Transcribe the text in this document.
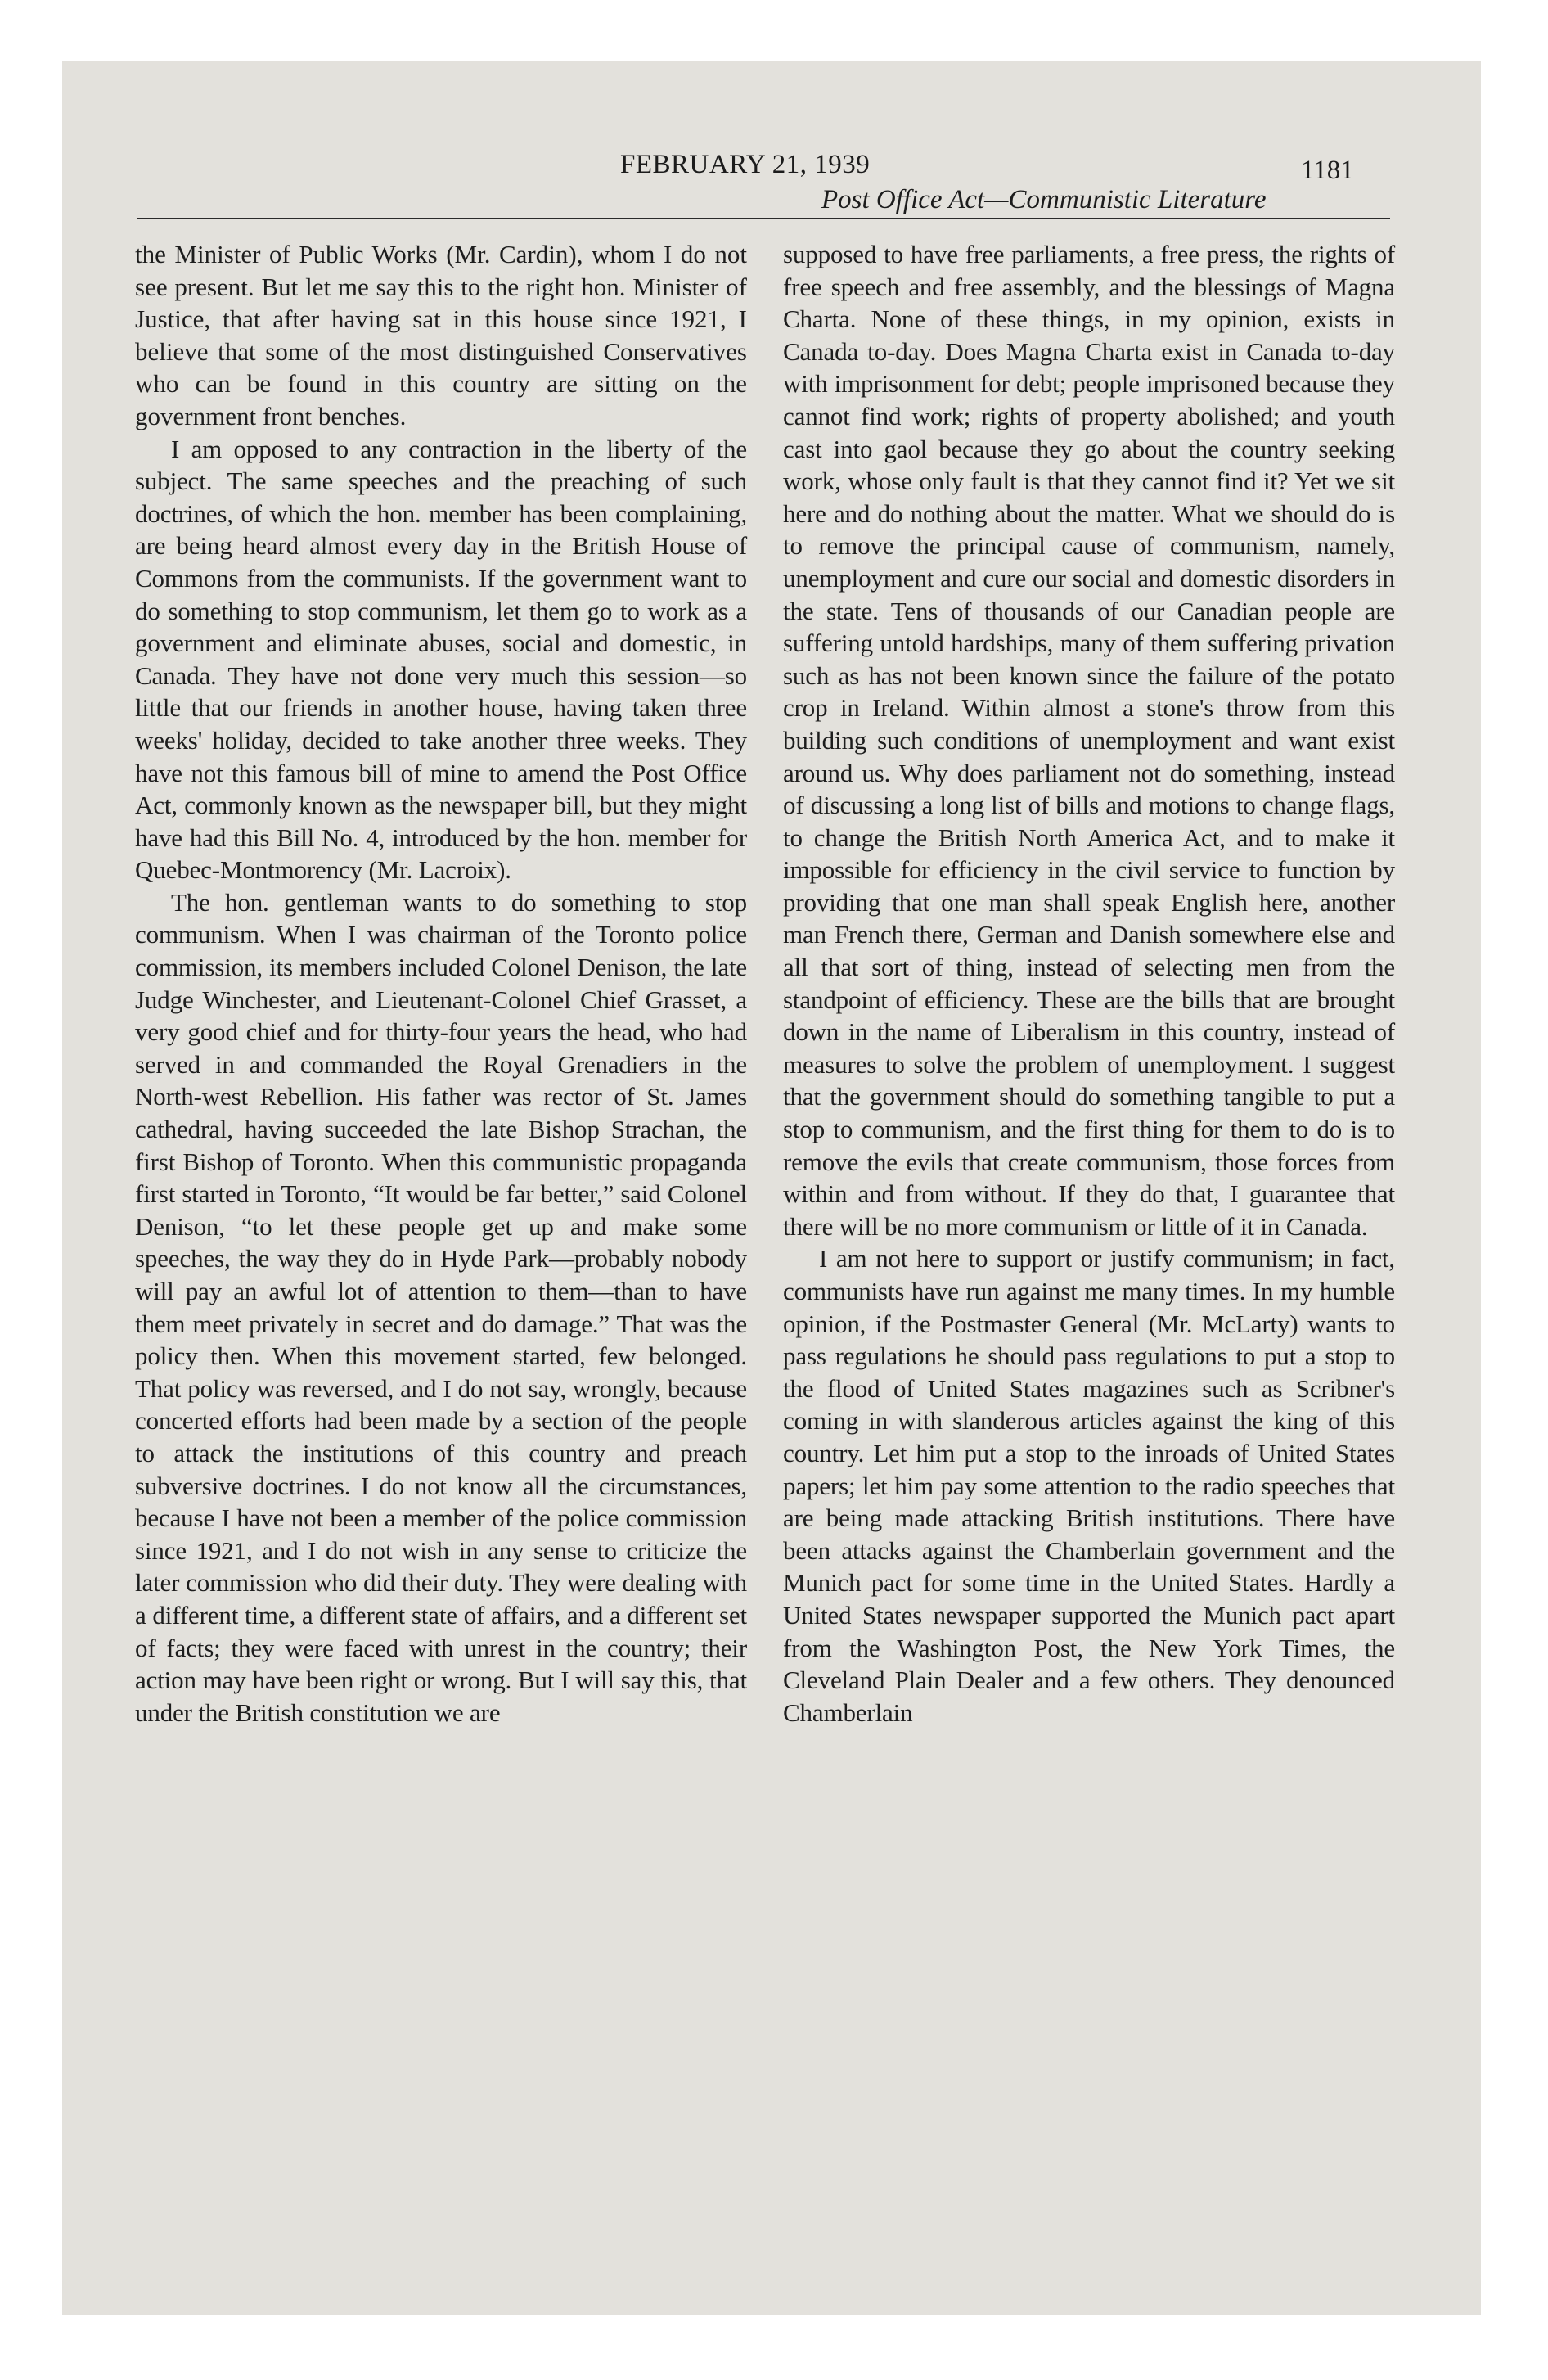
FEBRUARY 21, 1939	1181
Post Office Act—Communistic Literature

the Minister of Public Works (Mr. Cardin), whom I do not see present. But let me say this to the right hon. Minister of Justice, that after having sat in this house since 1921, I believe that some of the most distinguished Conservatives who can be found in this country are sitting on the government front benches.

I am opposed to any contraction in the liberty of the subject. The same speeches and the preaching of such doctrines, of which the hon. member has been complaining, are being heard almost every day in the British House of Commons from the communists. If the government want to do something to stop communism, let them go to work as a government and eliminate abuses, social and domestic, in Canada. They have not done very much this session—so little that our friends in another house, having taken three weeks' holiday, decided to take another three weeks. They have not this famous bill of mine to amend the Post Office Act, commonly known as the newspaper bill, but they might have had this Bill No. 4, introduced by the hon. member for Quebec-Montmorency (Mr. Lacroix).

The hon. gentleman wants to do something to stop communism. When I was chairman of the Toronto police commission, its members included Colonel Denison, the late Judge Winchester, and Lieutenant-Colonel Chief Grasset, a very good chief and for thirty-four years the head, who had served in and commanded the Royal Grenadiers in the North-west Rebellion. His father was rector of St. James cathedral, having succeeded the late Bishop Strachan, the first Bishop of Toronto. When this communistic propaganda first started in Toronto, “It would be far better,” said Colonel Denison, “to let these people get up and make some speeches, the way they do in Hyde Park—probably nobody will pay an awful lot of attention to them—than to have them meet privately in secret and do damage.” That was the policy then. When this movement started, few belonged. That policy was reversed, and I do not say, wrongly, because concerted efforts had been made by a section of the people to attack the institutions of this country and preach subversive doctrines. I do not know all the circumstances, because I have not been a member of the police commission since 1921, and I do not wish in any sense to criticize the later commission who did their duty. They were dealing with a different time, a different state of affairs, and a different set of facts; they were faced with unrest in the country; their action may have been right or wrong. But I will say this, that under the British constitution we are

supposed to have free parliaments, a free press, the rights of free speech and free assembly, and the blessings of Magna Charta. None of these things, in my opinion, exists in Canada to-day. Does Magna Charta exist in Canada to-day with imprisonment for debt; people imprisoned because they cannot find work; rights of property abolished; and youth cast into gaol because they go about the country seeking work, whose only fault is that they cannot find it? Yet we sit here and do nothing about the matter. What we should do is to remove the principal cause of communism, namely, unemployment and cure our social and domestic disorders in the state. Tens of thousands of our Canadian people are suffering untold hardships, many of them suffering privation such as has not been known since the failure of the potato crop in Ireland. Within almost a stone's throw from this building such conditions of unemployment and want exist around us. Why does parliament not do something, instead of discussing a long list of bills and motions to change flags, to change the British North America Act, and to make it impossible for efficiency in the civil service to function by providing that one man shall speak English here, another man French there, German and Danish somewhere else and all that sort of thing, instead of selecting men from the standpoint of efficiency. These are the bills that are brought down in the name of Liberalism in this country, instead of measures to solve the problem of unemployment. I suggest that the government should do something tangible to put a stop to communism, and the first thing for them to do is to remove the evils that create communism, those forces from within and from without. If they do that, I guarantee that there will be no more communism or little of it in Canada.

I am not here to support or justify communism; in fact, communists have run against me many times. In my humble opinion, if the Postmaster General (Mr. McLarty) wants to pass regulations he should pass regulations to put a stop to the flood of United States magazines such as Scribner's coming in with slanderous articles against the king of this country. Let him put a stop to the inroads of United States papers; let him pay some attention to the radio speeches that are being made attacking British institutions. There have been attacks against the Chamberlain government and the Munich pact for some time in the United States. Hardly a United States newspaper supported the Munich pact apart from the Washington Post, the New York Times, the Cleveland Plain Dealer and a few others. They denounced Chamberlain
